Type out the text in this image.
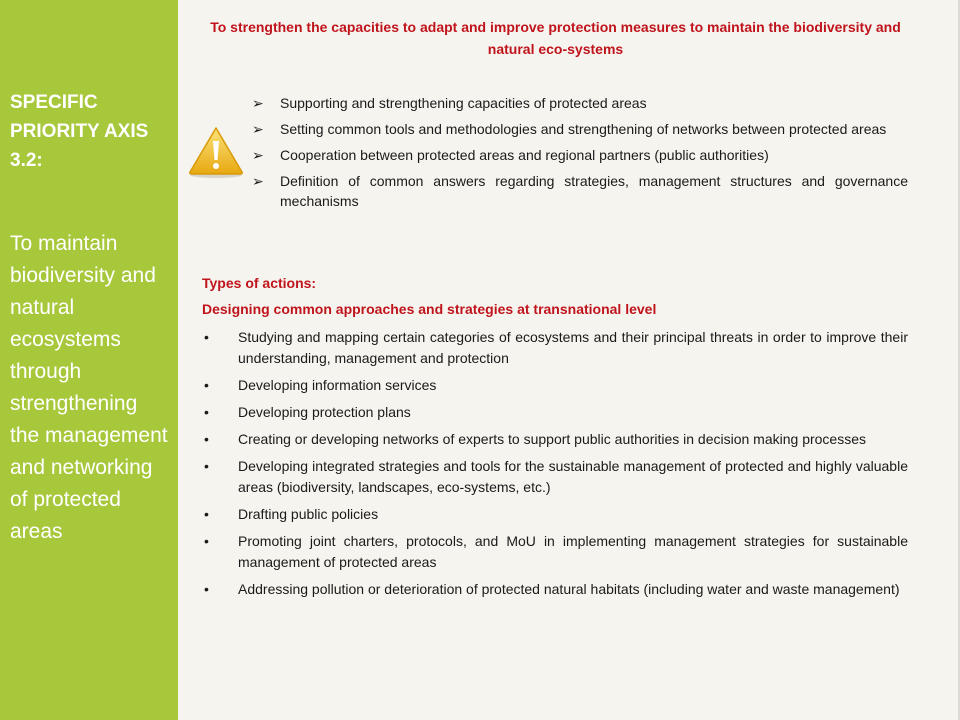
SPECIFIC PRIORITY AXIS 3.2:
To maintain biodiversity and natural ecosystems through strengthening the management and networking of protected areas
To strengthen the capacities to adapt and improve protection measures to maintain the biodiversity and natural eco-systems
➢ Supporting and strengthening capacities of protected areas
➢ Setting common tools and methodologies and strengthening of networks between protected areas
➢ Cooperation between protected areas and regional partners (public authorities)
➢ Definition of common answers regarding strategies, management structures and governance mechanisms
Types of actions:
Designing common approaches and strategies at transnational level
• Studying and mapping certain categories of ecosystems and their principal threats in order to improve their understanding, management and protection
• Developing information services
• Developing protection plans
• Creating or developing networks of experts to support public authorities in decision making processes
• Developing integrated strategies and tools for the sustainable management of protected and highly valuable areas (biodiversity, landscapes, eco-systems, etc.)
• Drafting public policies
• Promoting joint charters, protocols, and MoU in implementing management strategies for sustainable management of protected areas
• Addressing pollution or deterioration of protected natural habitats (including water and waste management)
